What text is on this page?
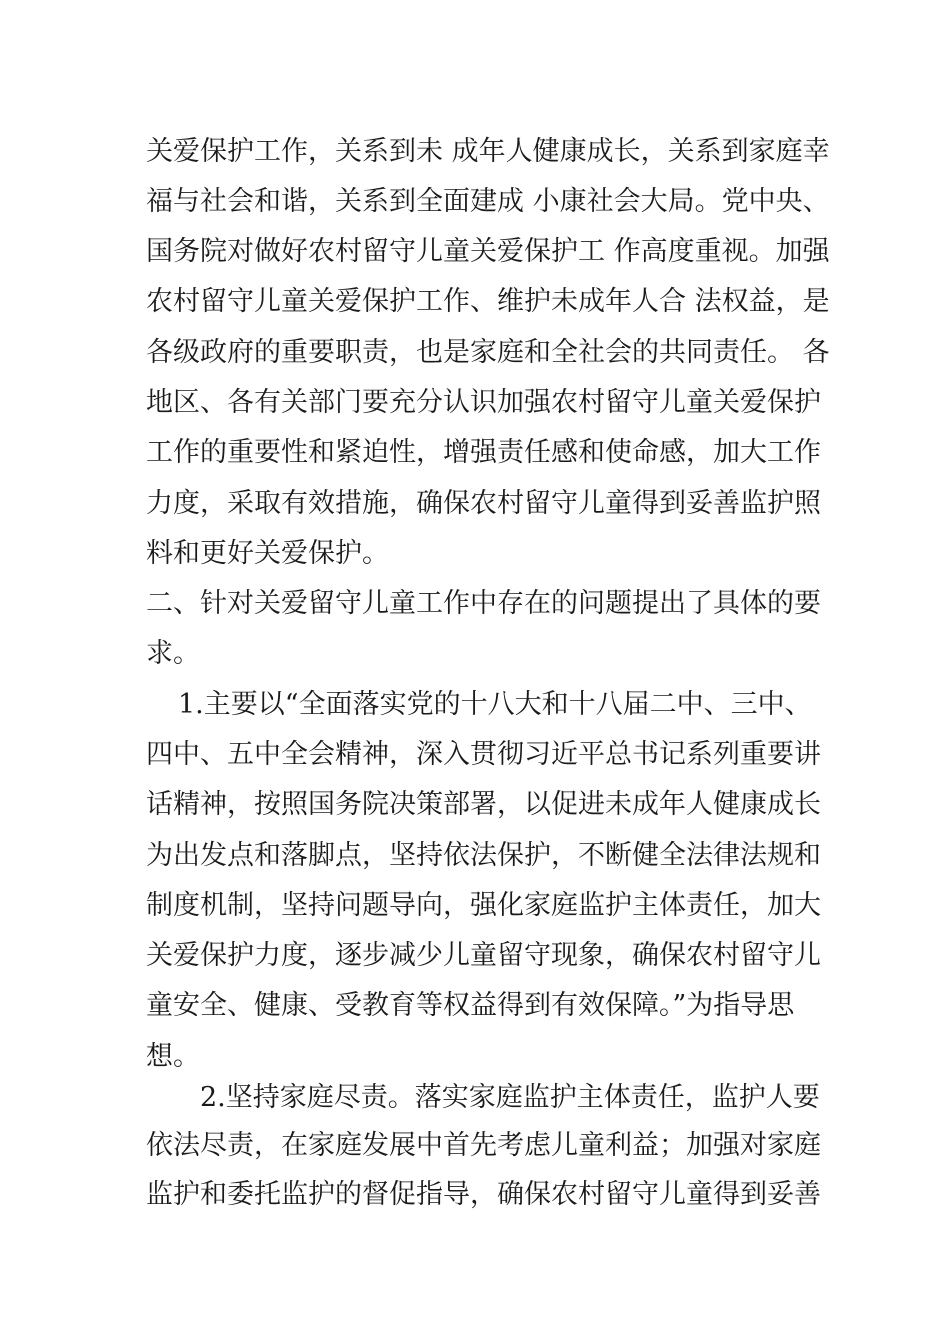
关爱保护工作，关系到未 成年人健康成长，关系到家庭幸
福与社会和谐，关系到全面建成 小康社会大局。党中央、
国务院对做好农村留守儿童关爱保护工 作高度重视。加强
农村留守儿童关爱保护工作、维护未成年人合 法权益，是
各级政府的重要职责，也是家庭和全社会的共同责任。 各
地区、各有关部门要充分认识加强农村留守儿童关爱保护
工作的重要性和紧迫性，增强责任感和使命感，加大工作
力度，采取有效措施，确保农村留守儿童得到妥善监护照
料和更好关爱保护。
二、针对关爱留守儿童工作中存在的问题提出了具体的要
求。
1.主要以“全面落实党的十八大和十八届二中、三中、
四中、五中全会精神，深入贯彻习近平总书记系列重要讲
话精神，按照国务院决策部署，以促进未成年人健康成长
为出发点和落脚点，坚持依法保护，不断健全法律法规和
制度机制，坚持问题导向，强化家庭监护主体责任，加大
关爱保护力度，逐步减少儿童留守现象，确保农村留守儿
童安全、健康、受教育等权益得到有效保障。”为指导思
想。
2.坚持家庭尽责。落实家庭监护主体责任，监护人要
依法尽责，在家庭发展中首先考虑儿童利益；加强对家庭
监护和委托监护的督促指导，确保农村留守儿童得到妥善
